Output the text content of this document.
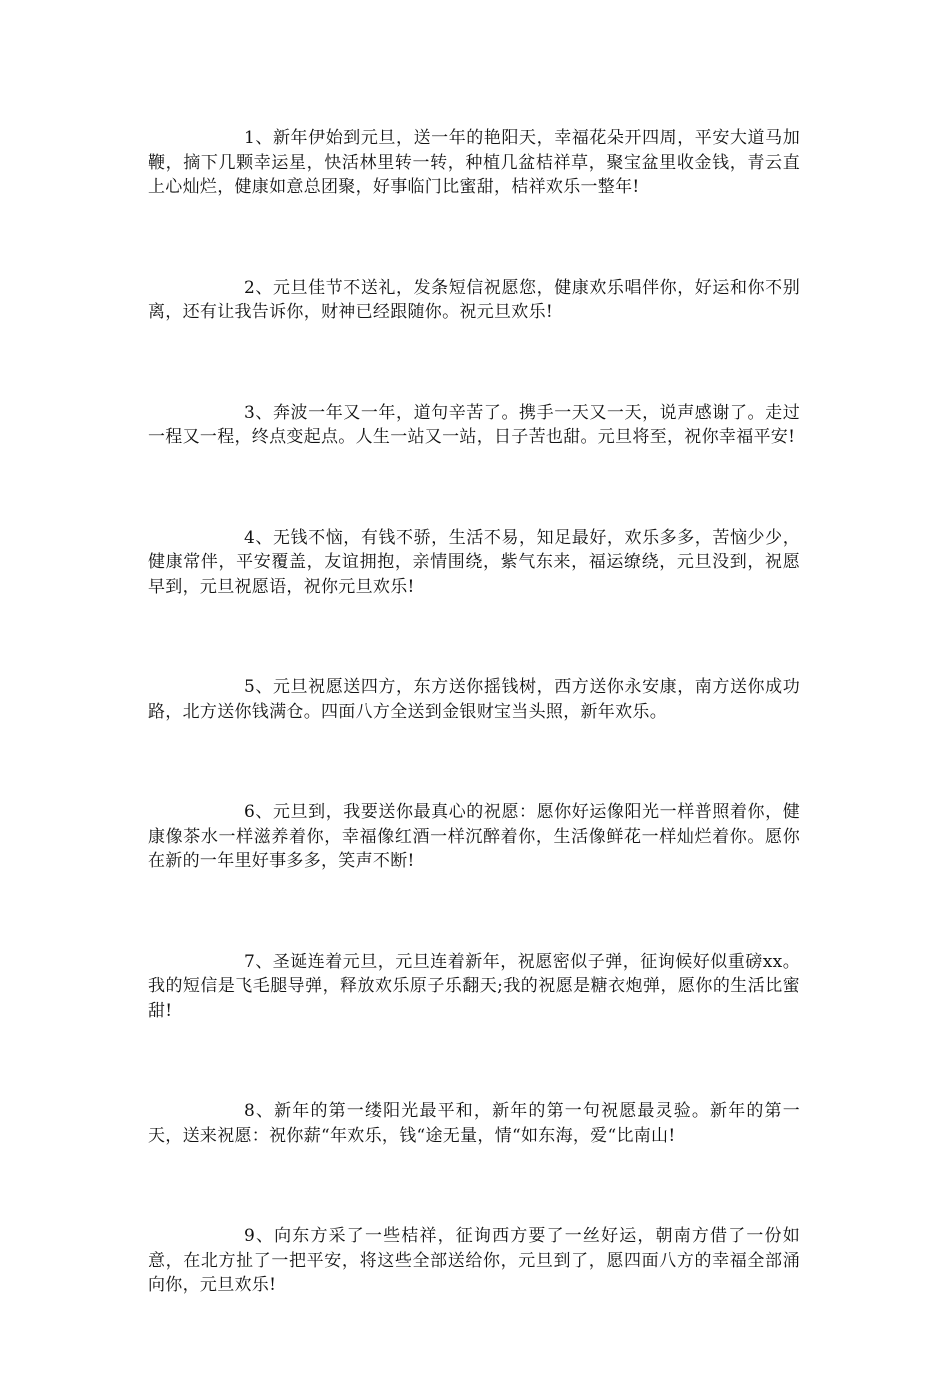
1、新年伊始到元旦，送一年的艳阳天，幸福花朵开四周，平安大道马加鞭，摘下几颗幸运星，快活林里转一转，种植几盆桔祥草，聚宝盆里收金钱，青云直上心灿烂，健康如意总团聚，好事临门比蜜甜，桔祥欢乐一整年!

2、元旦佳节不送礼，发条短信祝愿您，健康欢乐唱伴你，好运和你不别离，还有让我告诉你，财神已经跟随你。祝元旦欢乐!

3、奔波一年又一年，道句辛苦了。携手一天又一天，说声感谢了。走过一程又一程，终点变起点。人生一站又一站，日子苦也甜。元旦将至，祝你幸福平安!

4、无钱不恼，有钱不骄，生活不易，知足最好，欢乐多多，苦恼少少，健康常伴，平安覆盖，友谊拥抱，亲情围绕，紫气东来，福运缭绕，元旦没到，祝愿早到，元旦祝愿语，祝你元旦欢乐!

5、元旦祝愿送四方，东方送你摇钱树，西方送你永安康，南方送你成功路，北方送你钱满仓。四面八方全送到金银财宝当头照，新年欢乐。

6、元旦到，我要送你最真心的祝愿：愿你好运像阳光一样普照着你，健康像茶水一样滋养着你，幸福像红酒一样沉醉着你，生活像鲜花一样灿烂着你。愿你在新的一年里好事多多，笑声不断!

7、圣诞连着元旦，元旦连着新年，祝愿密似子弹，征询候好似重磅xx。我的短信是飞毛腿导弹，释放欢乐原子乐翻天;我的祝愿是糖衣炮弹，愿你的生活比蜜甜!

8、新年的第一缕阳光最平和，新年的第一句祝愿最灵验。新年的第一天，送来祝愿：祝你薪“年欢乐，钱“途无量，情“如东海，爱“比南山!

9、向东方采了一些桔祥，征询西方要了一丝好运，朝南方借了一份如意，在北方扯了一把平安，将这些全部送给你，元旦到了，愿四面八方的幸福全部涌向你，元旦欢乐!
